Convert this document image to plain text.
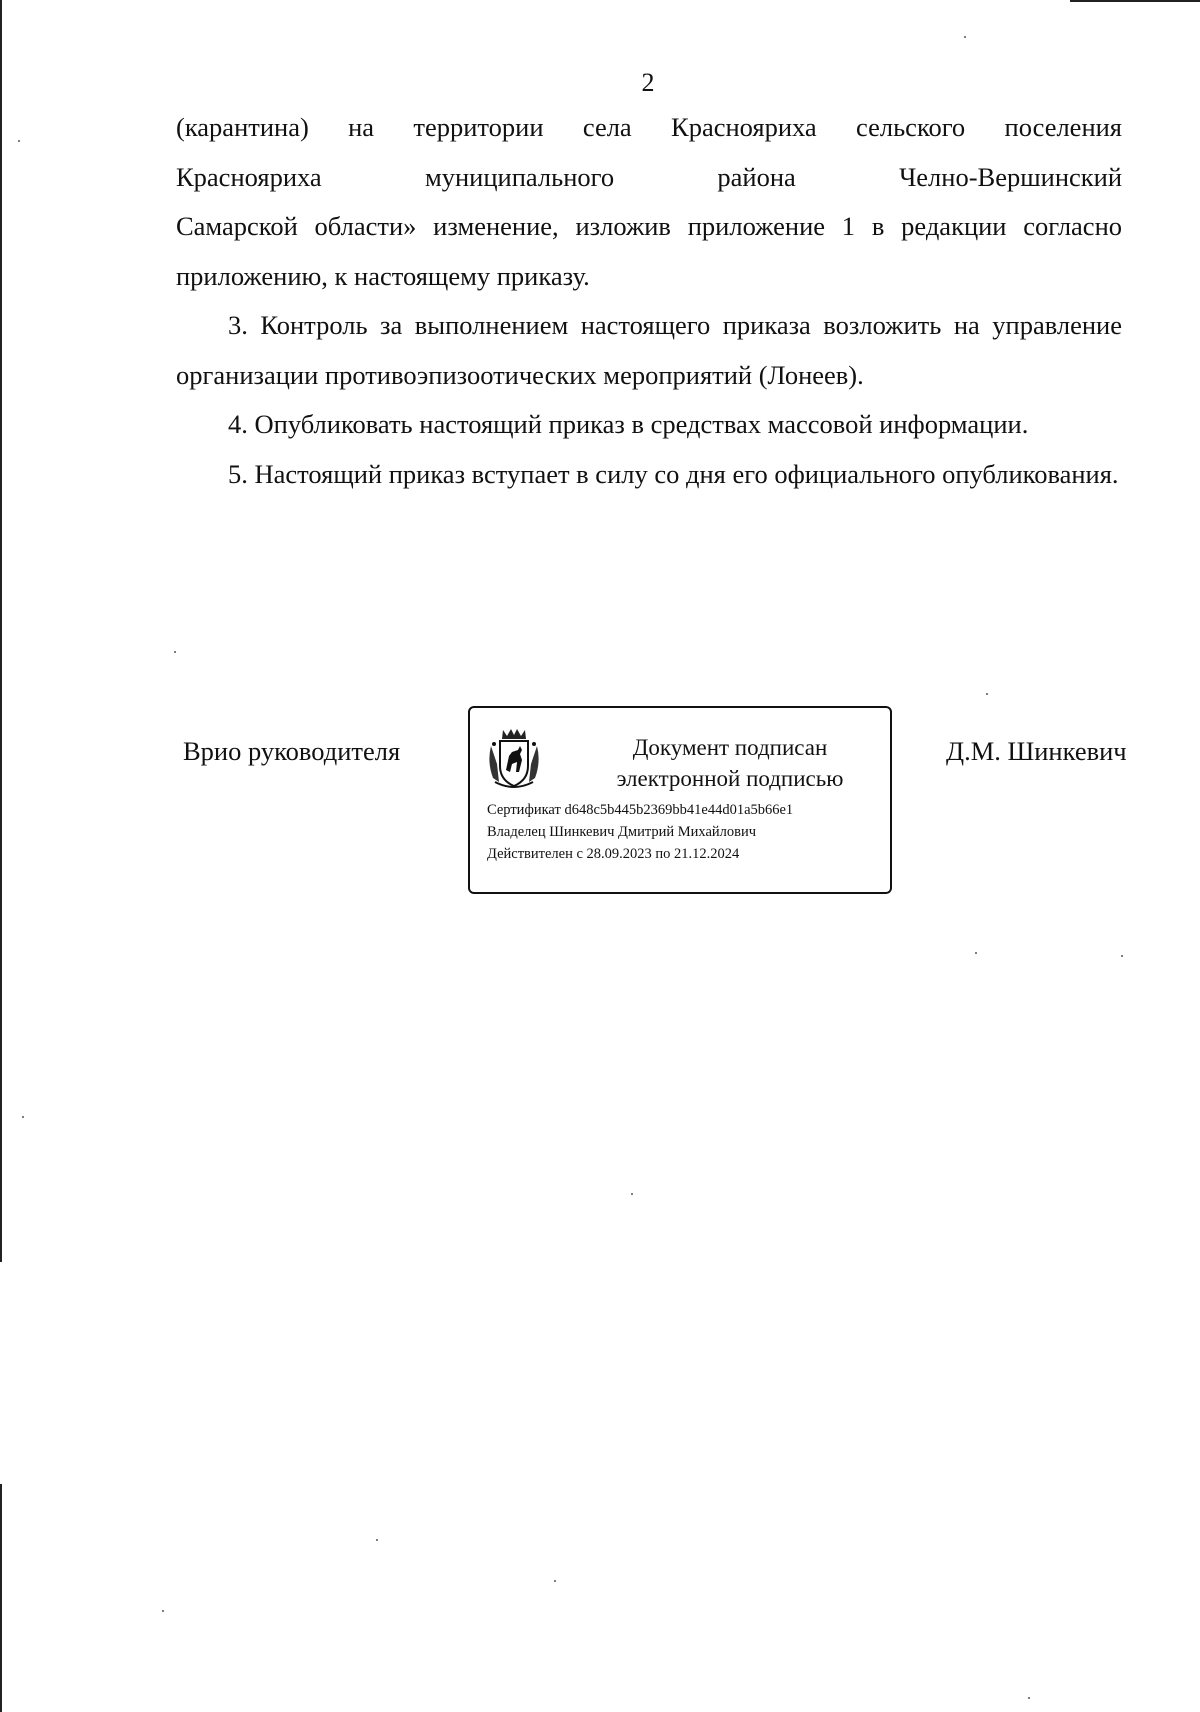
2

(карантина) на территории села Краснояриха сельского поселения

Краснояриха муниципального района Челно-Вершинский

Самарской области» изменение, изложив приложение 1 в редакции согласно приложению, к настоящему приказу.

3. Контроль за выполнением настоящего приказа возложить на управление организации противоэпизоотических мероприятий (Лонеев).

4. Опубликовать настоящий приказ в средствах массовой информации.

5. Настоящий приказ вступает в силу со дня его официального опубликования.

Врио руководителя	Документ подписан
электронной подписью
Сертификат d648c5b445b2369bb41e44d01a5b66e1
Владелец Шинкевич Дмитрий Михайлович
Действителен с 28.09.2023 по 21.12.2024
Д.М. Шинкевич
